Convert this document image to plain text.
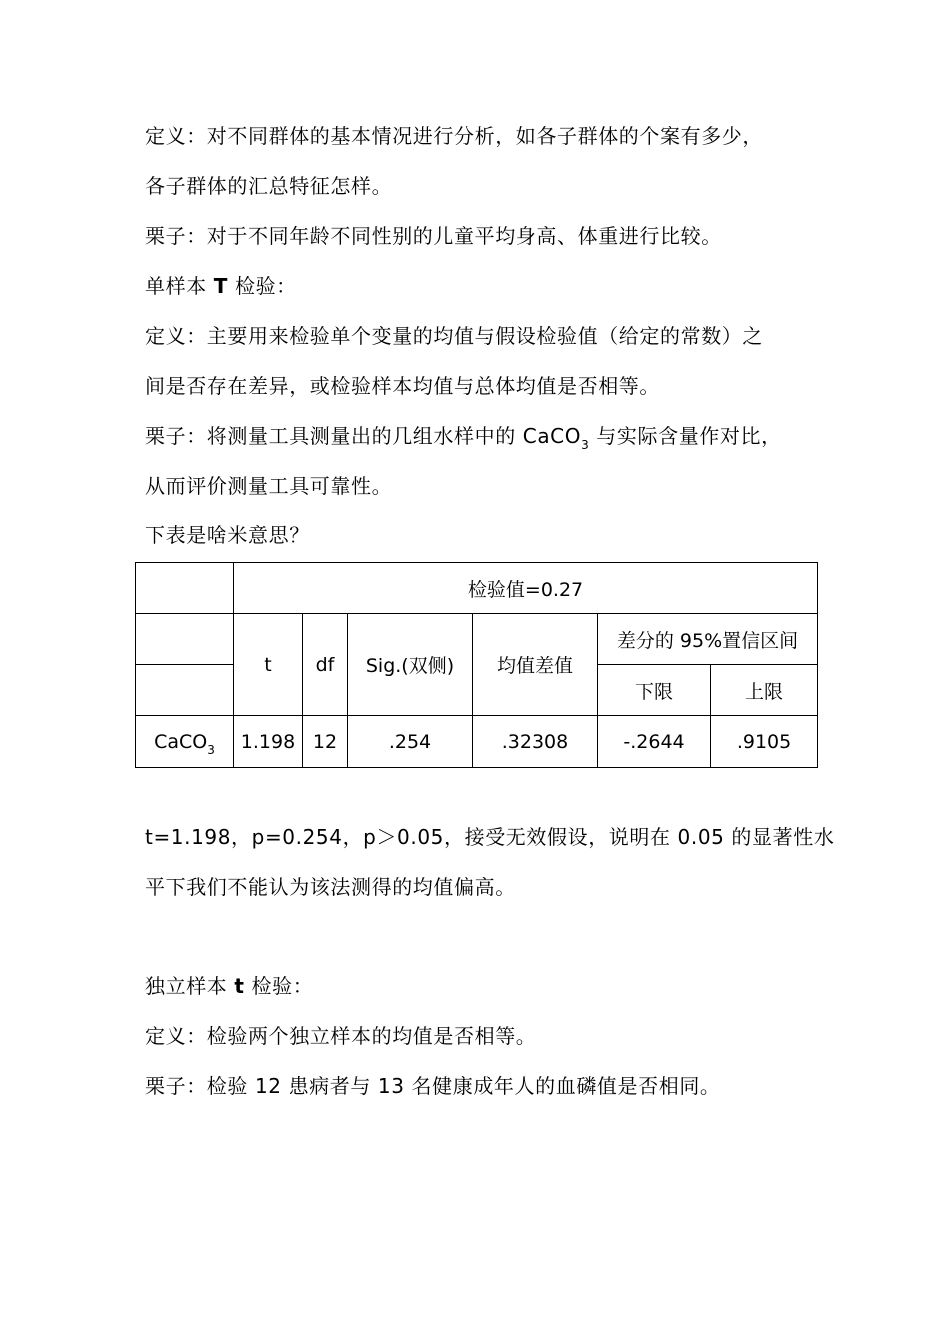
定义：对不同群体的基本情况进行分析，如各子群体的个案有多少，
各子群体的汇总特征怎样。
栗子：对于不同年龄不同性别的儿童平均身高、体重进行比较。
单样本 T 检验：
定义：主要用来检验单个变量的均值与假设检验值（给定的常数）之
间是否存在差异，或检验样本均值与总体均值是否相等。
栗子：将测量工具测量出的几组水样中的 CaCO$_3$ 与实际含量作对比，
从而评价测量工具可靠性。
下表是啥米意思？
	检验值=0.27					
	t	df	Sig.(双侧)	均值差值	差分的 95%置信区间	
					下限	上限
CaCO$_3$	1.198	12	.254	.32308	-.2644	.9105
t=1.198，p=0.254，p＞0.05，接受无效假设，说明在 0.05 的显著性水
平下我们不能认为该法测得的均值偏高。
独立样本 t 检验：
定义：检验两个独立样本的均值是否相等。
栗子：检验 12 患病者与 13 名健康成年人的血磷值是否相同。
